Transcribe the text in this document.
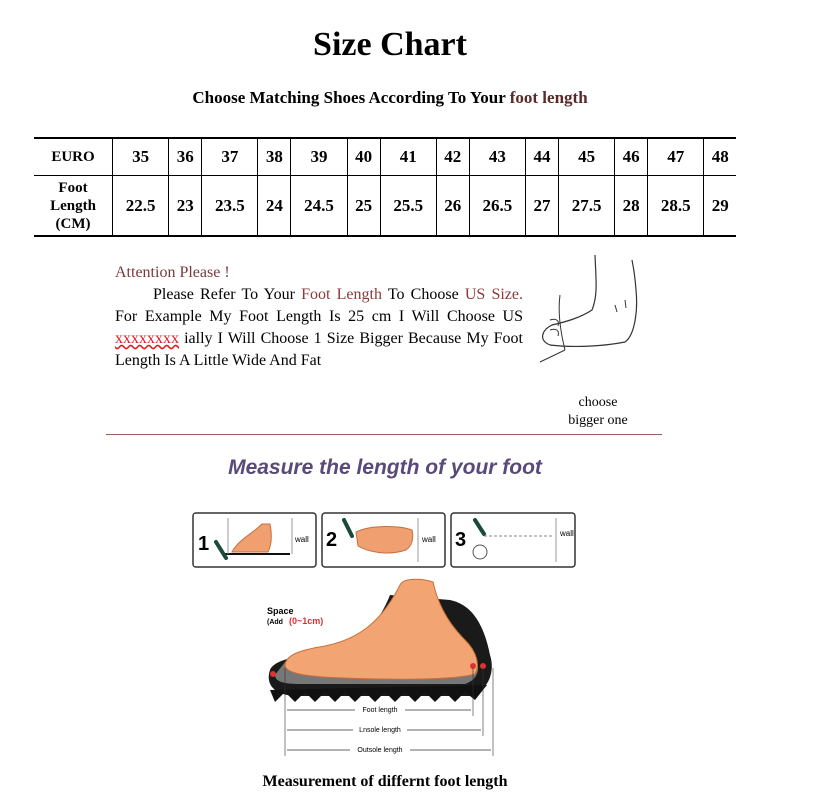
Size Chart
Choose Matching Shoes According To Your foot length
EURO	35	36	37	38	39	40	41	42	43	44	45	46	47	48
Foot
Length
(CM)	22.5	23	23.5	24	24.5	25	25.5	26	26.5	27	27.5	28	28.5	29
Attention Please !

Please Refer To Your Foot Length To Choose US Size. For Example My Foot Length Is 25 cm I Will Choose US xxxxxxxx ially I Will Choose 1 Size Bigger Because My Foot Length Is A Little Wide And Fat

choose
bigger one
Measure the length of your foot
1	wall 2	wall 3	wall
Space
(Add (0~1cm)
Foot length
Lnsole length
Outsole length
Measurement of differnt foot length
